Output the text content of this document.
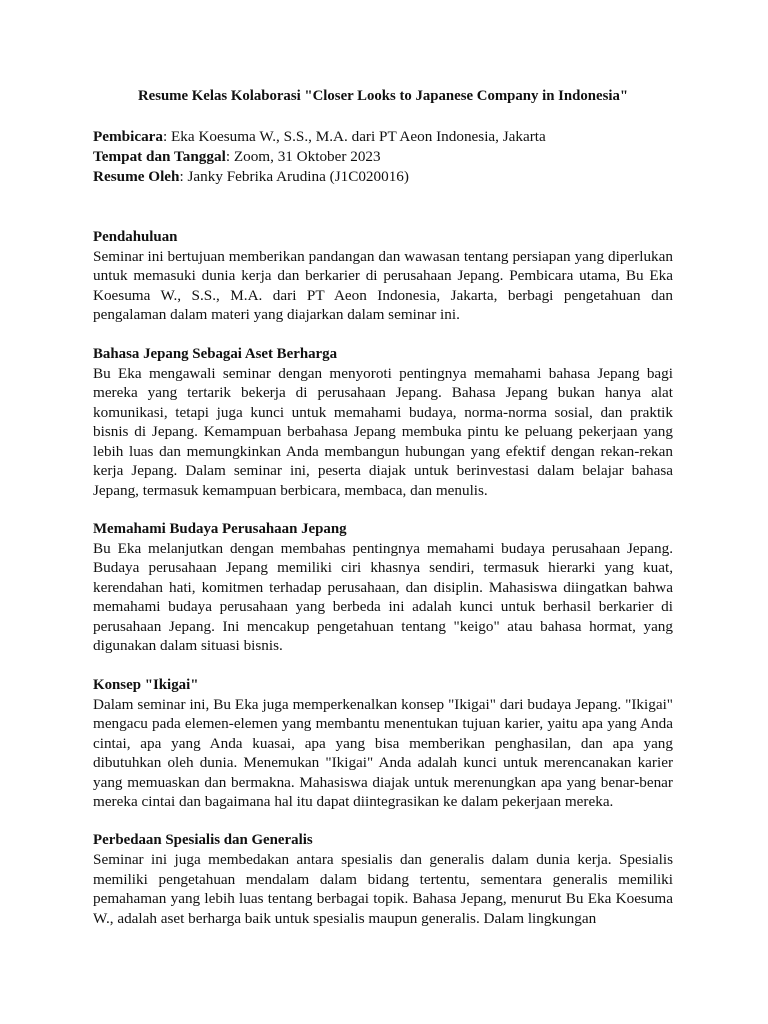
Resume Kelas Kolaborasi "Closer Looks to Japanese Company in Indonesia"

Pembicara: Eka Koesuma W., S.S., M.A. dari PT Aeon Indonesia, Jakarta

Tempat dan Tanggal: Zoom, 31 Oktober 2023

Resume Oleh: Janky Febrika Arudina (J1C020016)

Pendahuluan

Seminar ini bertujuan memberikan pandangan dan wawasan tentang persiapan yang diperlukan untuk memasuki dunia kerja dan berkarier di perusahaan Jepang. Pembicara utama, Bu Eka Koesuma W., S.S., M.A. dari PT Aeon Indonesia, Jakarta, berbagi pengetahuan dan pengalaman dalam materi yang diajarkan dalam seminar ini.

Bahasa Jepang Sebagai Aset Berharga

Bu Eka mengawali seminar dengan menyoroti pentingnya memahami bahasa Jepang bagi mereka yang tertarik bekerja di perusahaan Jepang. Bahasa Jepang bukan hanya alat komunikasi, tetapi juga kunci untuk memahami budaya, norma-norma sosial, dan praktik bisnis di Jepang. Kemampuan berbahasa Jepang membuka pintu ke peluang pekerjaan yang lebih luas dan memungkinkan Anda membangun hubungan yang efektif dengan rekan-rekan kerja Jepang. Dalam seminar ini, peserta diajak untuk berinvestasi dalam belajar bahasa Jepang, termasuk kemampuan berbicara, membaca, dan menulis.

Memahami Budaya Perusahaan Jepang

Bu Eka melanjutkan dengan membahas pentingnya memahami budaya perusahaan Jepang. Budaya perusahaan Jepang memiliki ciri khasnya sendiri, termasuk hierarki yang kuat, kerendahan hati, komitmen terhadap perusahaan, dan disiplin. Mahasiswa diingatkan bahwa memahami budaya perusahaan yang berbeda ini adalah kunci untuk berhasil berkarier di perusahaan Jepang. Ini mencakup pengetahuan tentang "keigo" atau bahasa hormat, yang digunakan dalam situasi bisnis.

Konsep "Ikigai"

Dalam seminar ini, Bu Eka juga memperkenalkan konsep "Ikigai" dari budaya Jepang. "Ikigai" mengacu pada elemen-elemen yang membantu menentukan tujuan karier, yaitu apa yang Anda cintai, apa yang Anda kuasai, apa yang bisa memberikan penghasilan, dan apa yang dibutuhkan oleh dunia. Menemukan "Ikigai" Anda adalah kunci untuk merencanakan karier yang memuaskan dan bermakna. Mahasiswa diajak untuk merenungkan apa yang benar-benar mereka cintai dan bagaimana hal itu dapat diintegrasikan ke dalam pekerjaan mereka.

Perbedaan Spesialis dan Generalis

Seminar ini juga membedakan antara spesialis dan generalis dalam dunia kerja. Spesialis memiliki pengetahuan mendalam dalam bidang tertentu, sementara generalis memiliki pemahaman yang lebih luas tentang berbagai topik. Bahasa Jepang, menurut Bu Eka Koesuma W., adalah aset berharga baik untuk spesialis maupun generalis. Dalam lingkungan
